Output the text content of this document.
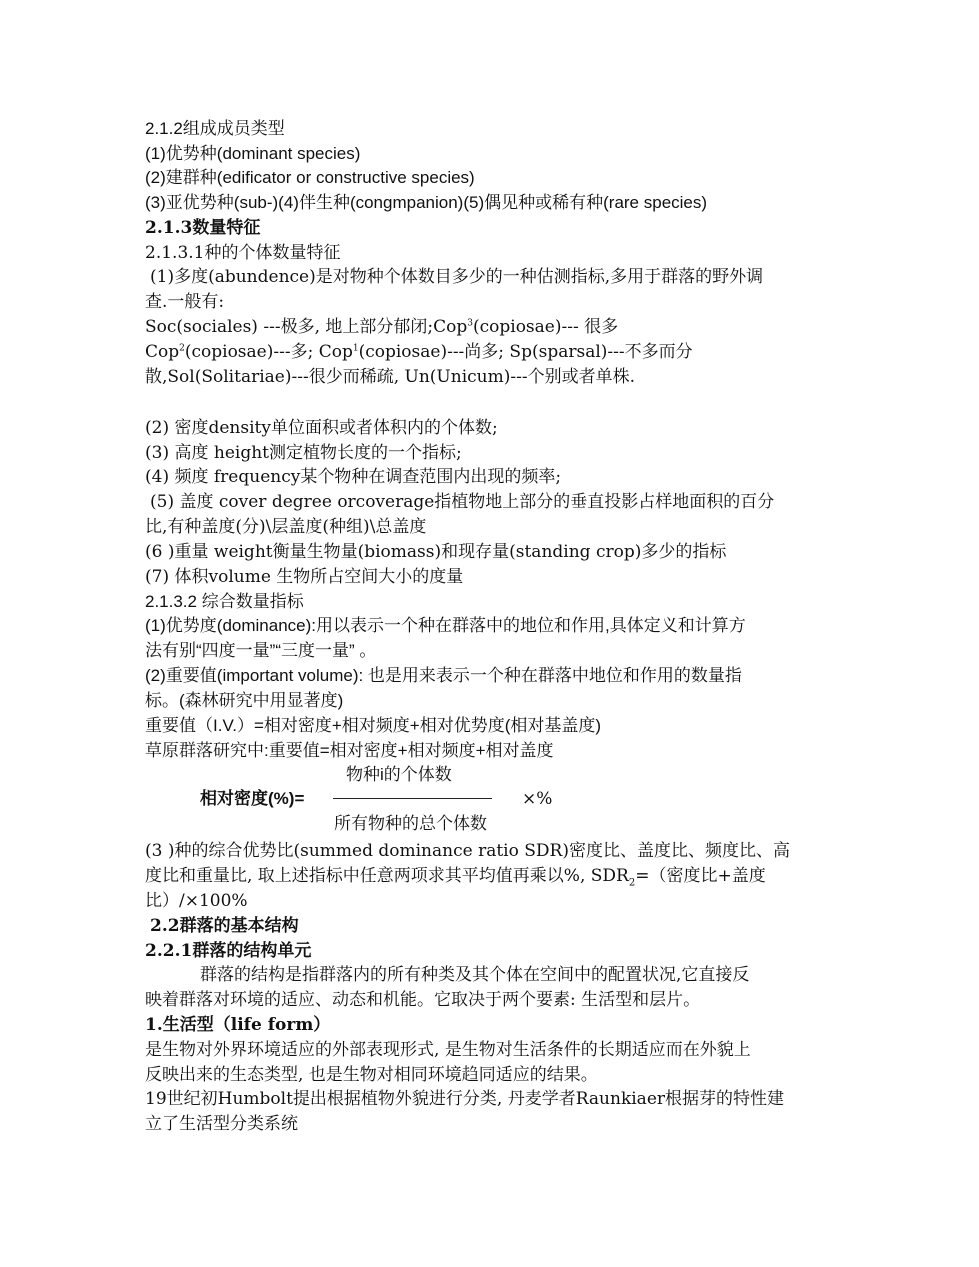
2.1.2组成成员类型
(1)优势种(dominant species)
(2)建群种(edificator or constructive species)
(3)亚优势种(sub-)(4)伴生种(congmpanion)(5)偶见种或稀有种(rare species)
2.1.3数量特征
2.1.3.1种的个体数量特征
(1)多度(abundence)是对物种个体数目多少的一种估测指标,多用于群落的野外调
查.一般有:
Soc(sociales) ---极多, 地上部分郁闭;Cop$^3$(copiosae)--- 很多
Cop$^2$(copiosae)---多; Cop$^1$(copiosae)---尚多; Sp(sparsal)---不多而分
散,Sol(Solitariae)---很少而稀疏, Un(Unicum)---个别或者单株.
(2) 密度density单位面积或者体积内的个体数;
(3) 高度 height测定植物长度的一个指标;
(4) 频度 frequency某个物种在调查范围内出现的频率;
(5) 盖度 cover degree orcoverage指植物地上部分的垂直投影占样地面积的百分
比,有种盖度(分)\层盖度(种组)\总盖度
(6 )重量 weight衡量生物量(biomass)和现存量(standing crop)多少的指标
(7) 体积volume 生物所占空间大小的度量
2.1.3.2 综合数量指标
(1)优势度(dominance):用以表示一个种在群落中的地位和作用,具体定义和计算方
法有别“四度一量”“三度一量” 。
(2)重要值(important volume): 也是用来表示一个种在群落中地位和作用的数量指
标。(森林研究中用显著度)
重要值（I.V.）=相对密度+相对频度+相对优势度(相对基盖度)
草原群落研究中:重要值=相对密度+相对频度+相对盖度
物种i的个体数
相对密度(%)=	×%
所有物种的总个体数
(3 )种的综合优势比(summed dominance ratio SDR)密度比、盖度比、频度比、高
度比和重量比, 取上述指标中任意两项求其平均值再乘以%, $SDR_2=$（密度比+盖度
比）/×100%
2.2群落的基本结构
2.2.1群落的结构单元
群落的结构是指群落内的所有种类及其个体在空间中的配置状况,它直接反
映着群落对环境的适应、动态和机能。它取决于两个要素: 生活型和层片。
1.生活型（life form）
是生物对外界环境适应的外部表现形式, 是生物对生活条件的长期适应而在外貌上
反映出来的生态类型, 也是生物对相同环境趋同适应的结果。
19世纪初Humbolt提出根据植物外貌进行分类, 丹麦学者Raunkiaer根据芽的特性建
立了生活型分类系统
